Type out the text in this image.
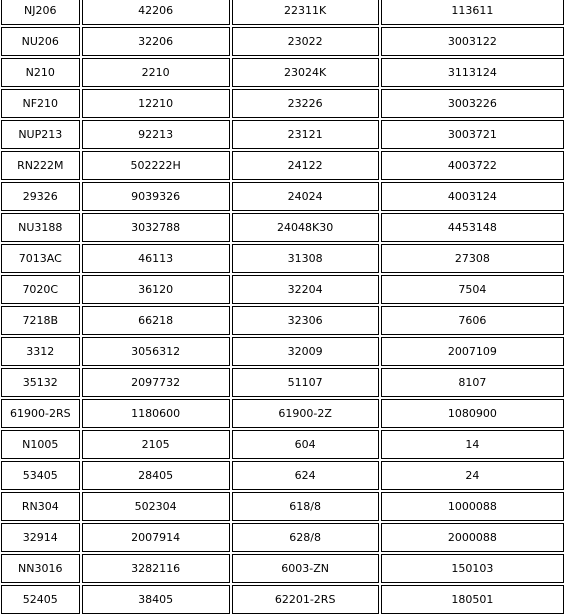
NJ206	42206	22311K	113611
NU206	32206	23022	3003122
N210	2210	23024K	3113124
NF210	12210	23226	3003226
NUP213	92213	23121	3003721
RN222M	502222H	24122	4003722
29326	9039326	24024	4003124
NU3188	3032788	24048K30	4453148
7013AC	46113	31308	27308
7020C	36120	32204	7504
7218B	66218	32306	7606
3312	3056312	32009	2007109
35132	2097732	51107	8107
61900-2RS	1180600	61900-2Z	1080900
N1005	2105	604	14
53405	28405	624	24
RN304	502304	618/8	1000088
32914	2007914	628/8	2000088
NN3016	3282116	6003-ZN	150103
52405	38405	62201-2RS	180501
